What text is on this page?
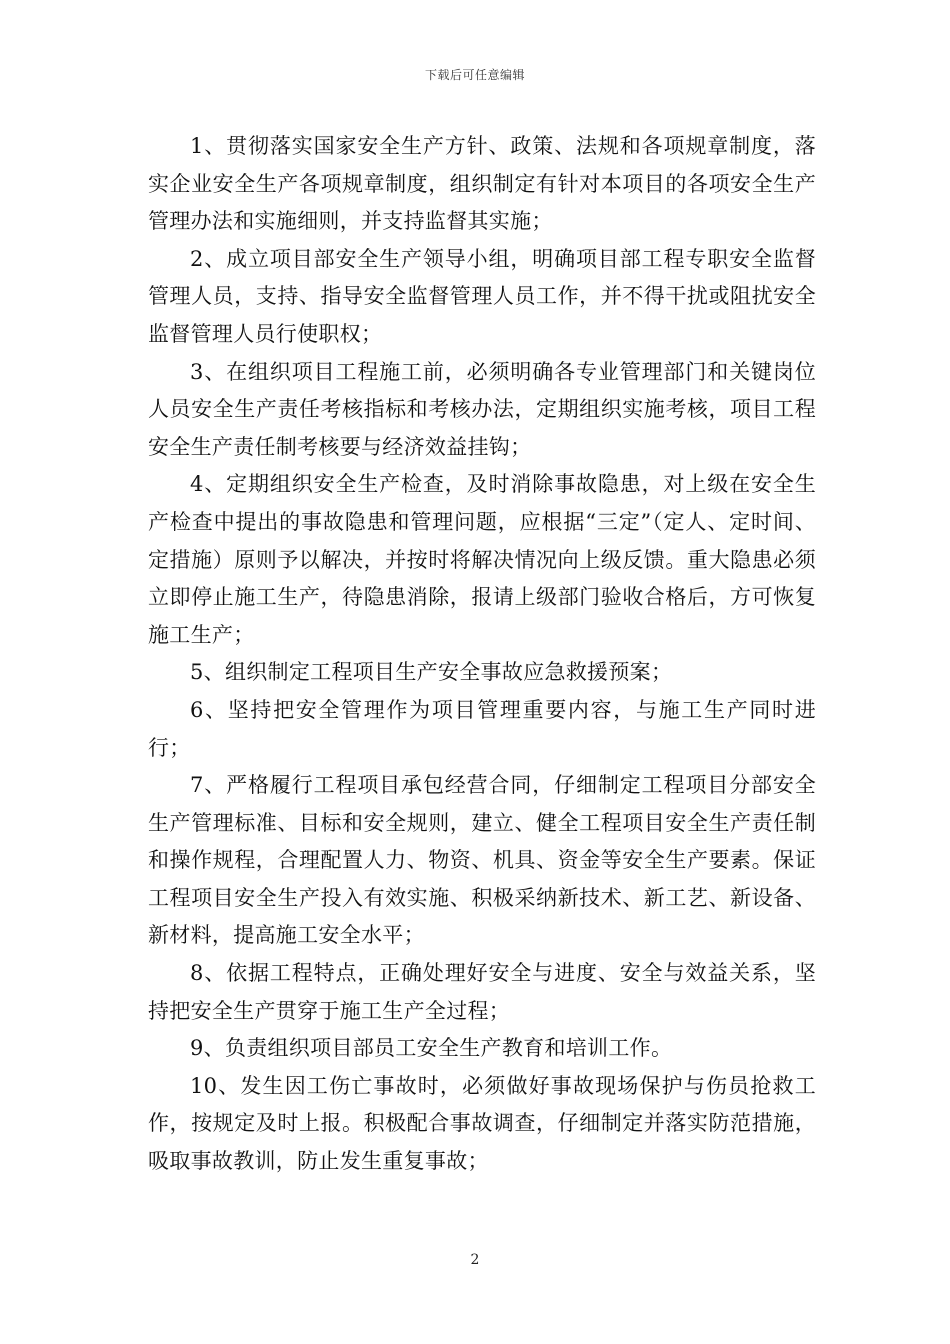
下载后可任意编辑

1、贯彻落实国家安全生产方针、政策、法规和各项规章制度，落实企业安全生产各项规章制度，组织制定有针对本项目的各项安全生产管理办法和实施细则，并支持监督其实施；

2、成立项目部安全生产领导小组，明确项目部工程专职安全监督管理人员，支持、指导安全监督管理人员工作，并不得干扰或阻扰安全监督管理人员行使职权；

3、在组织项目工程施工前，必须明确各专业管理部门和关键岗位人员安全生产责任考核指标和考核办法，定期组织实施考核，项目工程安全生产责任制考核要与经济效益挂钩；

4、定期组织安全生产检查，及时消除事故隐患，对上级在安全生产检查中提出的事故隐患和管理问题，应根据“三定”（定人、定时间、定措施）原则予以解决，并按时将解决情况向上级反馈。重大隐患必须立即停止施工生产，待隐患消除，报请上级部门验收合格后，方可恢复施工生产；

5、组织制定工程项目生产安全事故应急救援预案；

6、坚持把安全管理作为项目管理重要内容，与施工生产同时进行；

7、严格履行工程项目承包经营合同，仔细制定工程项目分部安全生产管理标准、目标和安全规则，建立、健全工程项目安全生产责任制和操作规程，合理配置人力、物资、机具、资金等安全生产要素。保证工程项目安全生产投入有效实施、积极采纳新技术、新工艺、新设备、新材料，提高施工安全水平；

8、依据工程特点，正确处理好安全与进度、安全与效益关系，坚持把安全生产贯穿于施工生产全过程；

9、负责组织项目部员工安全生产教育和培训工作。

10、发生因工伤亡事故时，必须做好事故现场保护与伤员抢救工作，按规定及时上报。积极配合事故调查，仔细制定并落实防范措施，吸取事故教训，防止发生重复事故；

2
